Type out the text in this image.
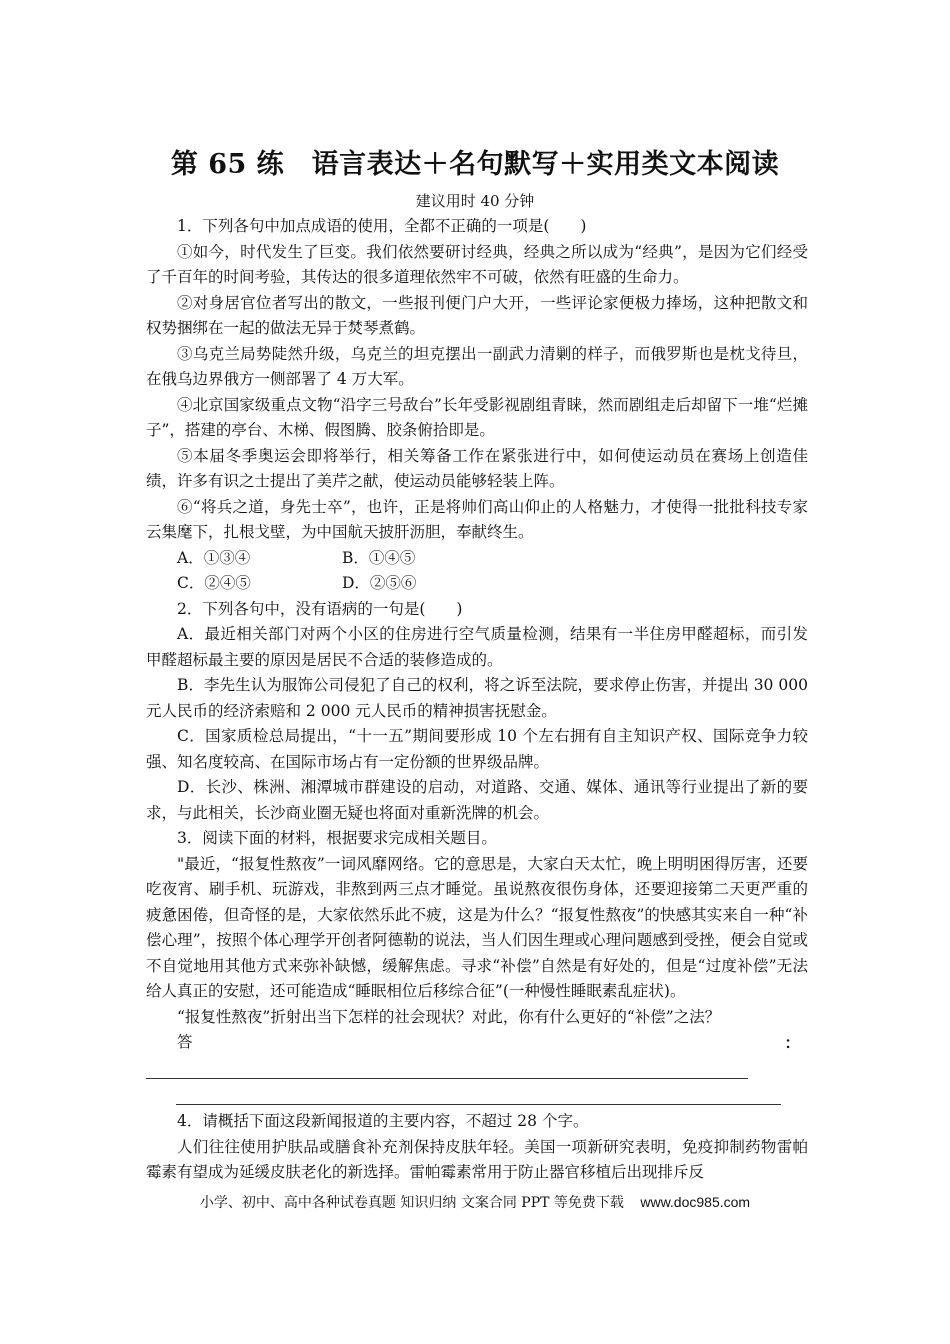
第 65 练　语言表达＋名句默写＋实用类文本阅读
建议用时 40 分钟

1．下列各句中加点成语的使用，全都不正确的一项是(　　)

①如今，时代发生了巨变。我们依然要研讨经典，经典之所以成为“经典”，是因为它们经受了千百年的时间考验，其传达的很多道理依然牢不可破，依然有旺盛的生命力。

②对身居官位者写出的散文，一些报刊便门户大开，一些评论家便极力捧场，这种把散文和权势捆绑在一起的做法无异于焚琴煮鹤。

③乌克兰局势陡然升级，乌克兰的坦克摆出一副武力清剿的样子，而俄罗斯也是枕戈待旦，在俄乌边界俄方一侧部署了 4 万大军。

④北京国家级重点文物“沿字三号敌台”长年受影视剧组青睐，然而剧组走后却留下一堆“烂摊子”，搭建的亭台、木梯、假图腾、胶条俯拾即是。

⑤本届冬季奥运会即将举行，相关筹备工作在紧张进行中，如何使运动员在赛场上创造佳绩，许多有识之士提出了美芹之献，使运动员能够轻装上阵。

⑥“将兵之道，身先士卒”，也许，正是将帅们高山仰止的人格魅力，才使得一批批科技专家云集麾下，扎根戈壁，为中国航天披肝沥胆，奉献终生。

A．①③④	B．①④⑤
C．②④⑤	D．②⑤⑥

2．下列各句中，没有语病的一句是(　　)

A．最近相关部门对两个小区的住房进行空气质量检测，结果有一半住房甲醛超标，而引发甲醛超标最主要的原因是居民不合适的装修造成的。

B．李先生认为服饰公司侵犯了自己的权利，将之诉至法院，要求停止伤害，并提出 30 000 元人民币的经济索赔和 2 000 元人民币的精神损害抚慰金。

C．国家质检总局提出，“十一五”期间要形成 10 个左右拥有自主知识产权、国际竞争力较强、知名度较高、在国际市场占有一定份额的世界级品牌。

D．长沙、株洲、湘潭城市群建设的启动，对道路、交通、媒体、通讯等行业提出了新的要求，与此相关，长沙商业圈无疑也将面对重新洗牌的机会。

3．阅读下面的材料，根据要求完成相关题目。

"最近，“报复性熬夜”一词风靡网络。它的意思是，大家白天太忙，晚上明明困得厉害，还要吃夜宵、刷手机、玩游戏，非熬到两三点才睡觉。虽说熬夜很伤身体，还要迎接第二天更严重的疲惫困倦，但奇怪的是，大家依然乐此不疲，这是为什么？“报复性熬夜”的快感其实来自一种“补偿心理”，按照个体心理学开创者阿德勒的说法，当人们因生理或心理问题感到受挫，便会自觉或不自觉地用其他方式来弥补缺憾，缓解焦虑。寻求“补偿”自然是有好处的，但是“过度补偿”无法给人真正的安慰，还可能造成“睡眠相位后移综合征”(一种慢性睡眠素乱症状)。

“报复性熬夜”折射出当下怎样的社会现状？对此，你有什么更好的“补偿”之法？

答	：

4．请概括下面这段新闻报道的主要内容，不超过 28 个字。

人们往往使用护肤品或膳食补充剂保持皮肤年轻。美国一项新研究表明，免疫抑制药物雷帕霉素有望成为延缓皮肤老化的新选择。雷帕霉素常用于防止器官移植后出现排斥反

小学、初中、高中各种试卷真题 知识归纳 文案合同 PPT 等免费下载 www.doc985.com
